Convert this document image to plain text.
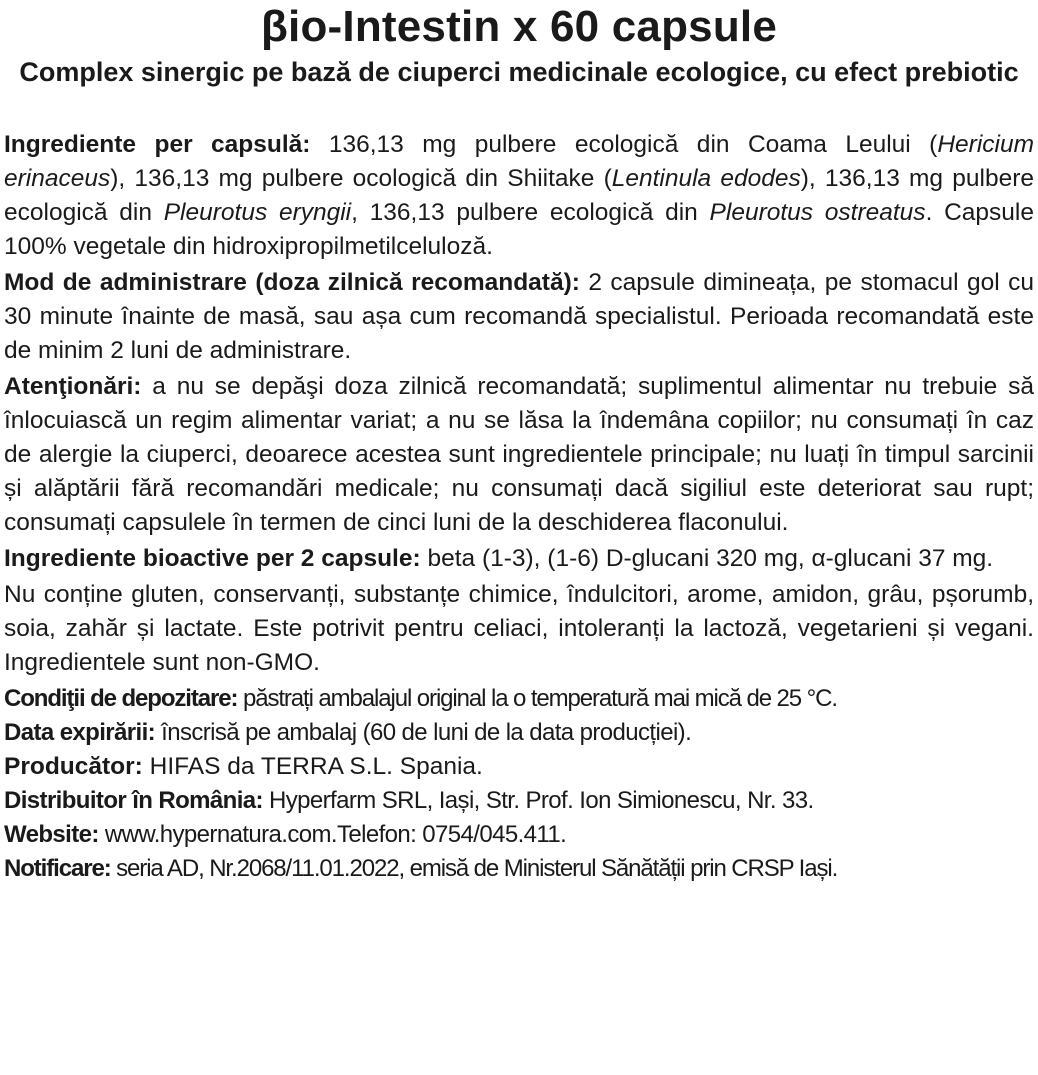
βio-Intestin x 60 capsule
Complex sinergic pe bază de ciuperci medicinale ecologice, cu efect prebiotic

Ingrediente per capsulă: 136,13 mg pulbere ecologică din Coama Leului (Hericium erinaceus), 136,13 mg pulbere ocologică din Shiitake (Lentinula edodes), 136,13 mg pulbere ecologică din Pleurotus eryngii, 136,13 pulbere ecologică din Pleurotus ostreatus. Capsule 100% vegetale din hidroxipropilmetilceluloză.

Mod de administrare (doza zilnică recomandată): 2 capsule dimineața, pe stomacul gol cu 30 minute înainte de masă, sau așa cum recomandă specialistul. Perioada recomandată este de minim 2 luni de administrare.

Atenţionări: a nu se depăşi doza zilnică recomandată; suplimentul alimentar nu trebuie să înlocuiască un regim alimentar variat; a nu se lăsa la îndemâna copiilor; nu consumați în caz de alergie la ciuperci, deoarece acestea sunt ingredientele principale; nu luați în timpul sarcinii și alăptării fără recomandări medicale; nu consumați dacă sigiliul este deteriorat sau rupt; consumați capsulele în termen de cinci luni de la deschiderea flaconului.

Ingrediente bioactive per 2 capsule: beta (1-3), (1-6) D-glucani 320 mg, α-glucani 37 mg.

Nu conține gluten, conservanți, substanțe chimice, îndulcitori, arome, amidon, grâu, pșorumb, soia, zahăr și lactate. Este potrivit pentru celiaci, intoleranți la lactoză, vegetarieni și vegani. Ingredientele sunt non-GMO.

Condiţii de depozitare: păstrați ambalajul original la o temperatură mai mică de 25 °C.

Data expirării: înscrisă pe ambalaj (60 de luni de la data producției).

Producător: HIFAS da TERRA S.L. Spania.

Distribuitor în România: Hyperfarm SRL, Iași, Str. Prof. Ion Simionescu, Nr. 33.

Website: www.hypernatura.com.Telefon: 0754/045.411.

Notificare: seria AD, Nr.2068/11.01.2022, emisă de Ministerul Sănătății prin CRSP Iași.
